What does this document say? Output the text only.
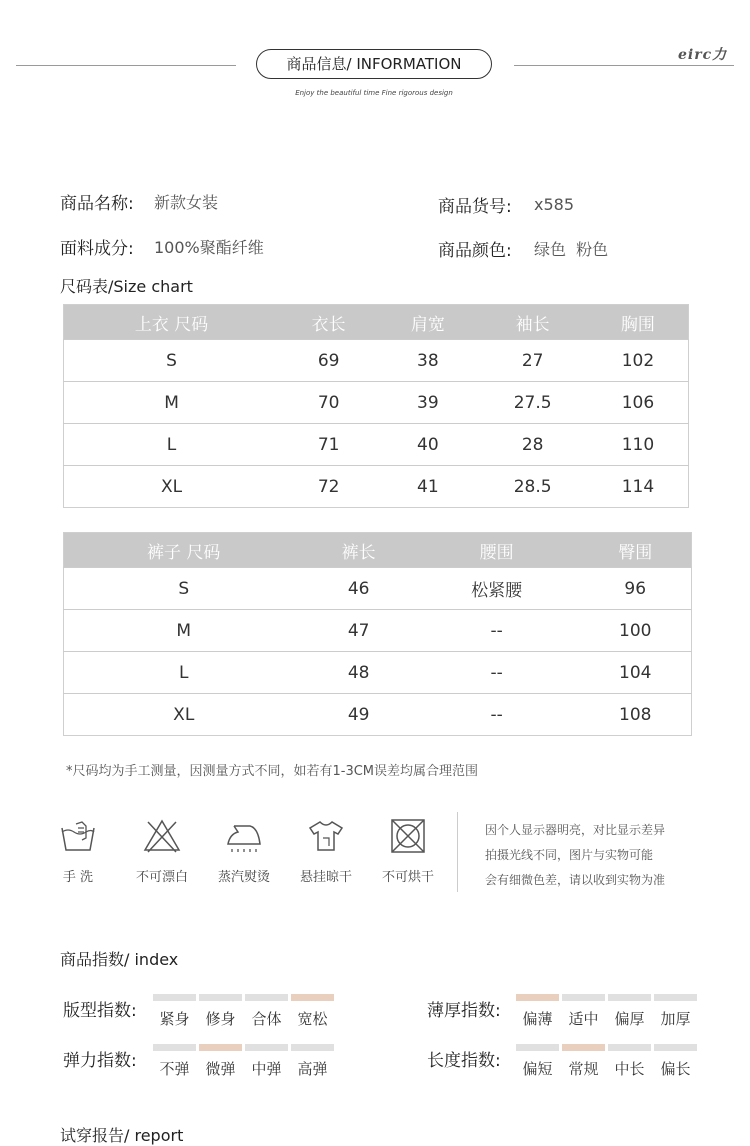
商品信息/ INFORMATION
Enjoy the beautiful time Fine rigorous design
eirc力
商品名称: 新款女装	商品货号: x585
面料成分: 100%聚酯纤维	商品颜色: 绿色  粉色
尺码表/Size chart
上衣 尺码	衣长	肩宽	袖长	胸围
S	69	38	27	102
M	70	39	27.5	106
L	71	40	28	110
XL	72	41	28.5	114
裤子 尺码	裤长	腰围	臀围
S	46	松紧腰	96
M	47	--	100
L	48	--	104
XL	49	--	108
*尺码均为手工测量，因测量方式不同，如若有1-3CM误差均属合理范围
手 洗	不可漂白	蒸汽熨烫	悬挂晾干	不可烘干
因个人显示器明亮，对比显示差异
拍摄光线不同，图片与实物可能
会有细微色差，请以收到实物为准
商品指数/ index
版型指数:	紧身	修身	合体	宽松	薄厚指数:	偏薄	适中	偏厚	加厚
弹力指数:	不弹	微弹	中弹	高弹	长度指数:	偏短	常规	中长	偏长
试穿报告/ report
